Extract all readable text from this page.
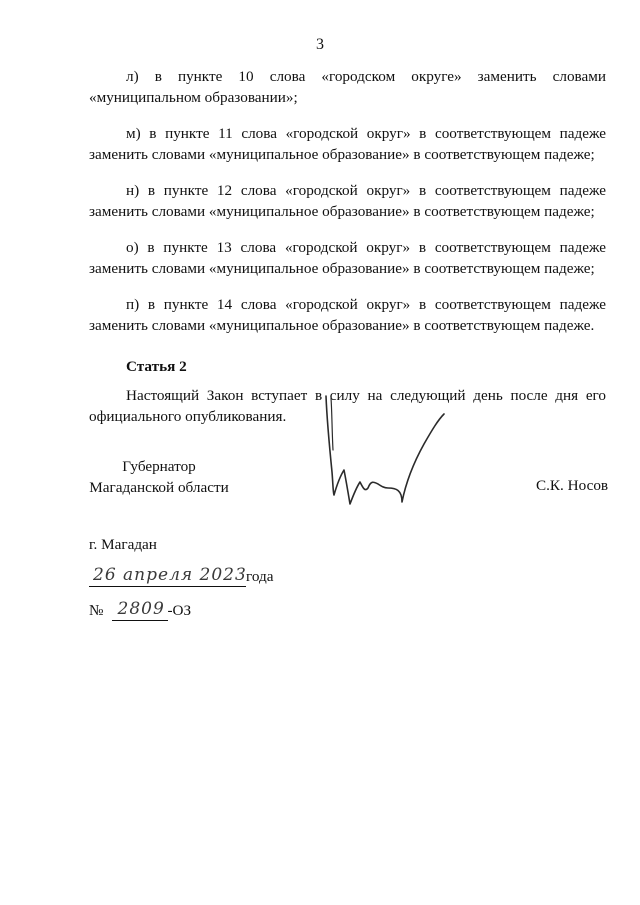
3

л) в пункте 10 слова «городском округе» заменить словами «муниципальном образовании»;

м) в пункте 11 слова «городской округ» в соответствующем падеже заменить словами «муниципальное образование» в соответствующем падеже;

н) в пункте 12 слова «городской округ» в соответствующем падеже заменить словами «муниципальное образование» в соответствующем падеже;

о) в пункте 13 слова «городской округ» в соответствующем падеже заменить словами «муниципальное образование» в соответствующем падеже;

п) в пункте 14 слова «городской округ» в соответствующем падеже заменить словами «муниципальное образование» в соответствующем падеже.

Статья 2

Настоящий Закон вступает в силу на следующий день после дня его официального опубликования.

Губернатор
Магаданской области	С.К. Носов
г. Магадан
26 апреля 2023 года
№ 2809 -ОЗ
